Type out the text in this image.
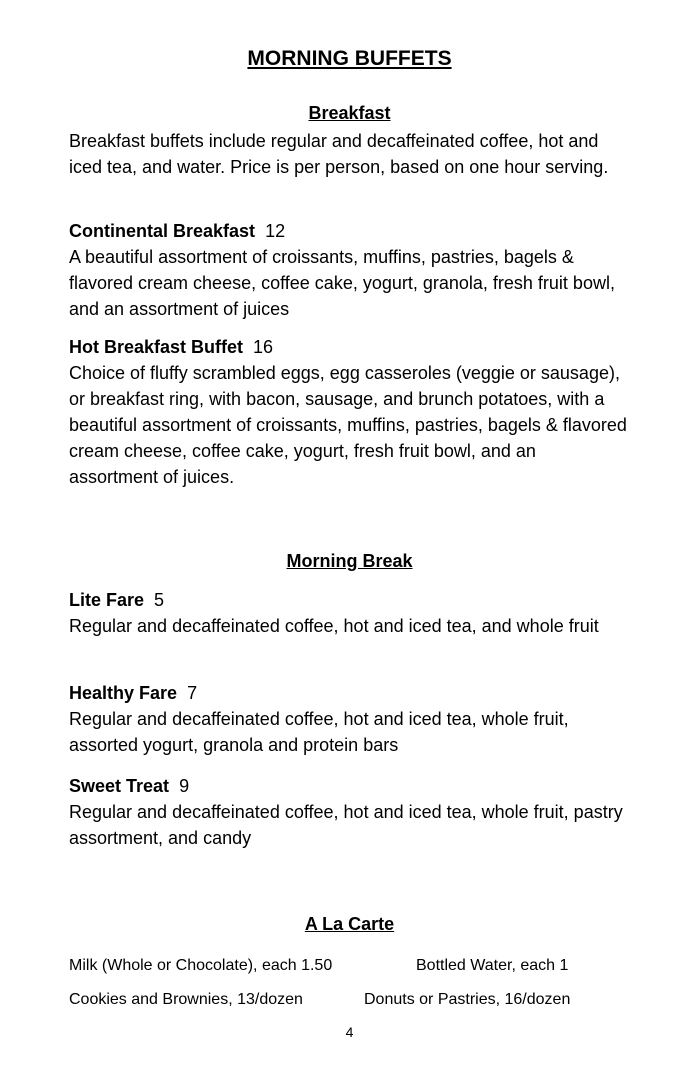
MORNING BUFFETS
Breakfast
Breakfast buffets include regular and decaffeinated coffee, hot and iced tea, and water. Price is per person, based on one hour serving.
Continental Breakfast 12
A beautiful assortment of croissants, muffins, pastries, bagels & flavored cream cheese, coffee cake, yogurt, granola, fresh fruit bowl, and an assortment of juices
Hot Breakfast Buffet 16
Choice of fluffy scrambled eggs, egg casseroles (veggie or sausage), or breakfast ring, with bacon, sausage, and brunch potatoes, with a beautiful assortment of croissants, muffins, pastries, bagels & flavored cream cheese, coffee cake, yogurt, fresh fruit bowl, and an assortment of juices.
Morning Break
Lite Fare 5
Regular and decaffeinated coffee, hot and iced tea, and whole fruit
Healthy Fare 7
Regular and decaffeinated coffee, hot and iced tea, whole fruit, assorted yogurt, granola and protein bars
Sweet Treat 9
Regular and decaffeinated coffee, hot and iced tea, whole fruit, pastry assortment, and candy
A La Carte
Milk (Whole or Chocolate), each 1.50	Bottled Water, each 1
Cookies and Brownies, 13/dozen	Donuts or Pastries, 16/dozen
4
